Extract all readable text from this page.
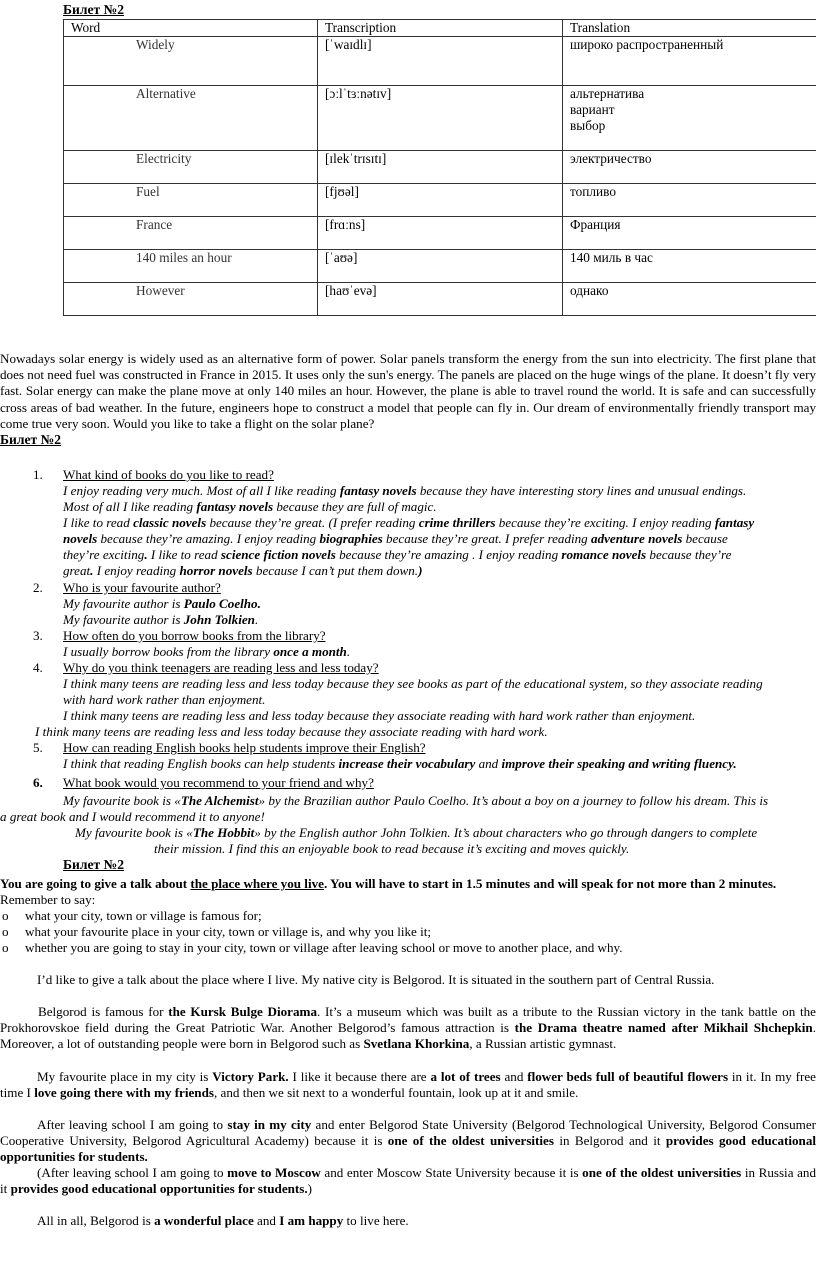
Билет №2
Word	Transcription	Translation
Widely	[ˈwaɪdlɪ]	широко распространенный
Alternative	[ɔːlˈtɜːnətɪv]	альтернатива
вариант
выбор

Electricity	[ɪlekˈtrɪsɪtɪ]	электричество
Fuel	[fjʊəl]	топливо
France	[frɑːns]	Франция
140 miles an hour	[ˈaʊə]	140 миль в час
However	[haʊˈevə]	однако
Nowadays solar energy is widely used as an alternative form of power. Solar panels transform the energy from the sun into electricity. The first plane that does not need fuel was constructed in France in 2015. It uses only the sun's energy. The panels are placed on the huge wings of the plane. It doesn’t fly very fast. Solar energy can make the plane move at only 140 miles an hour. However, the plane is able to travel round the world. It is safe and can successfully cross areas of bad weather. In the future, engineers hope to construct a model that people can fly in. Our dream of environmentally friendly transport may come true very soon. Would you like to take a flight on the solar plane?
Билет №2
1. What kind of books do you like to read?
I enjoy reading very much. Most of all I like reading fantasy novels because they have interesting story lines and unusual endings.
Most of all I like reading fantasy novels because they are full of magic.
I like to read classic novels because they’re great. (I prefer reading crime thrillers because they’re exciting. I enjoy reading fantasy
novels because they’re amazing. I enjoy reading biographies because they’re great. I prefer reading adventure novels because
they’re exciting. I like to read science fiction novels because they’re amazing . I enjoy reading romance novels because they’re
great. I enjoy reading horror novels because I can’t put them down.)
2. Who is your favourite author?
My favourite author is Paulo Coelho.
My favourite author is John Tolkien.
3. How often do you borrow books from the library?
I usually borrow books from the library once a month.
4. Why do you think teenagers are reading less and less today?
I think many teens are reading less and less today because they see books as part of the educational system, so they associate reading
with hard work rather than enjoyment.
I think many teens are reading less and less today because they associate reading with hard work rather than enjoyment.
I think many teens are reading less and less today because they associate reading with hard work.
5. How can reading English books help students improve their English?
I think that reading English books can help students increase their vocabulary and improve their speaking and writing fluency.
6. What book would you recommend to your friend and why?
My favourite book is «The Alchemist» by the Brazilian author Paulo Coelho. It’s about a boy on a journey to follow his dream. This is
a great book and I would recommend it to anyone!
My favourite book is «The Hobbit» by the English author John Tolkien. It’s about characters who go through dangers to complete
their mission. I find this an enjoyable book to read because it’s exciting and moves quickly.
Билет №2
You are going to give a talk about the place where you live. You will have to start in 1.5 minutes and will speak for not more than 2 minutes.
Remember to say:
o what your city, town or village is famous for;
o what your favourite place in your city, town or village is, and why you like it;
o whether you are going to stay in your city, town or village after leaving school or move to another place, and why.
I’d like to give a talk about the place where I live. My native city is Belgorod. It is situated in the southern part of Central Russia.
Belgorod is famous for the Kursk Bulge Diorama. It’s a museum which was built as a tribute to the Russian victory in the tank battle on the Prokhorovskoe field during the Great Patriotic War. Another Belgorod’s famous attraction is the Drama theatre named after Mikhail Shchepkin. Moreover, a lot of outstanding people were born in Belgorod such as Svetlana Khorkina, a Russian artistic gymnast.
My favourite place in my city is Victory Park. I like it because there are a lot of trees and flower beds full of beautiful flowers in it. In my free time I love going there with my friends, and then we sit next to a wonderful fountain, look up at it and smile.
After leaving school I am going to stay in my city and enter Belgorod State University (Belgorod Technological University, Belgorod Consumer Cooperative University, Belgorod Agricultural Academy) because it is one of the oldest universities in Belgorod and it provides good educational opportunities for students.
(After leaving school I am going to move to Moscow and enter Moscow State University because it is one of the oldest universities in Russia and it provides good educational opportunities for students.)
All in all, Belgorod is a wonderful place and I am happy to live here.
